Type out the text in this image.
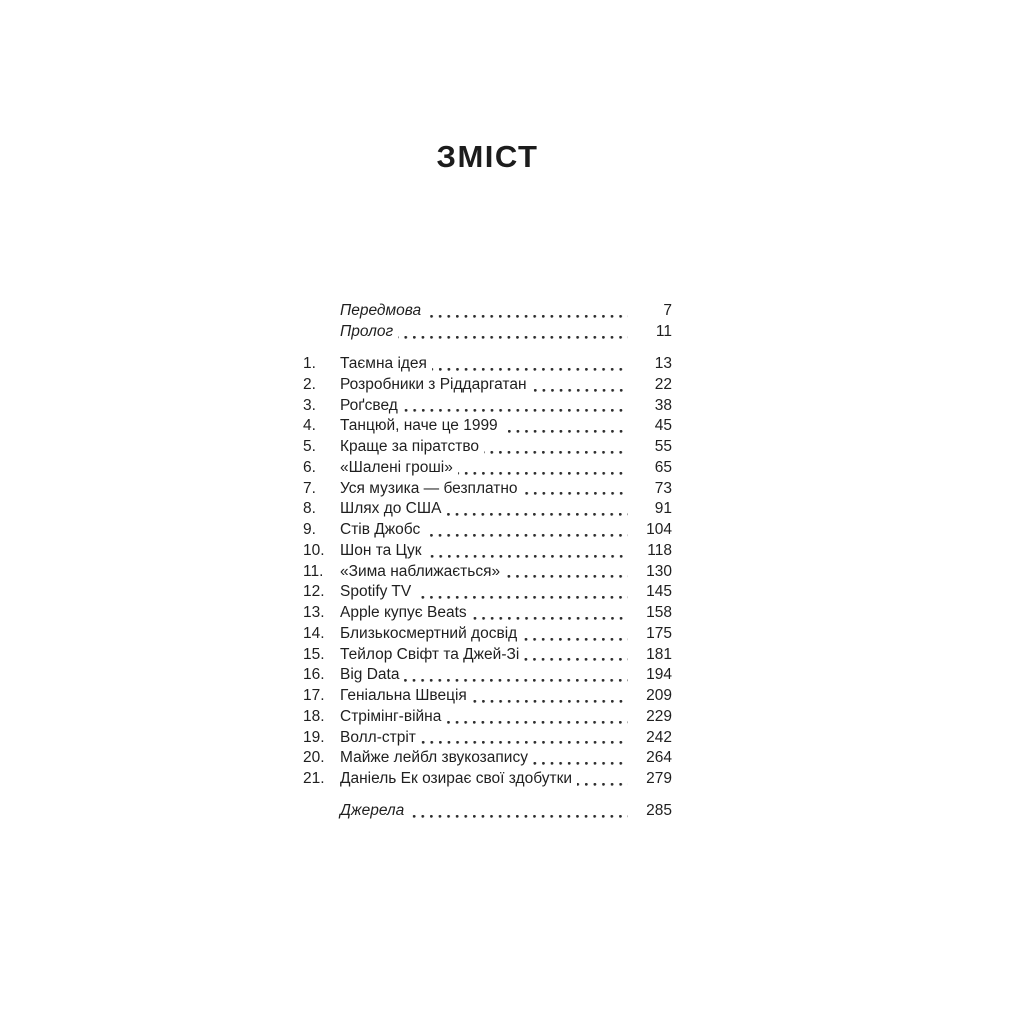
ЗМІСТ
Передмова	7
Пролог	11
1.	Таємна ідея	13
2.	Розробники з Ріддаргатан	22
3.	Роґсвед	38
4.	Танцюй, наче це 1999	45
5.	Краще за піратство	55
6.	«Шалені гроші»	65
7.	Уся музика — безплатно	73
8.	Шлях до США	91
9.	Стів Джобс	104
10. Шон та Цук	118
11.	«Зима наближається»	130
12. Spotify TV	145
13. Apple купує Beats	158
14. Близькосмертний досвід	175
15. Тейлор Свіфт та Джей-Зі	181
16. Big Data	194
17. Геніальна Швеція	209
18. Стрімінг-війна	229
19. Волл-стріт	242
20. Майже лейбл звукозапису	264
21. Даніель Ек озирає свої здобутки	279
Джерела	285
